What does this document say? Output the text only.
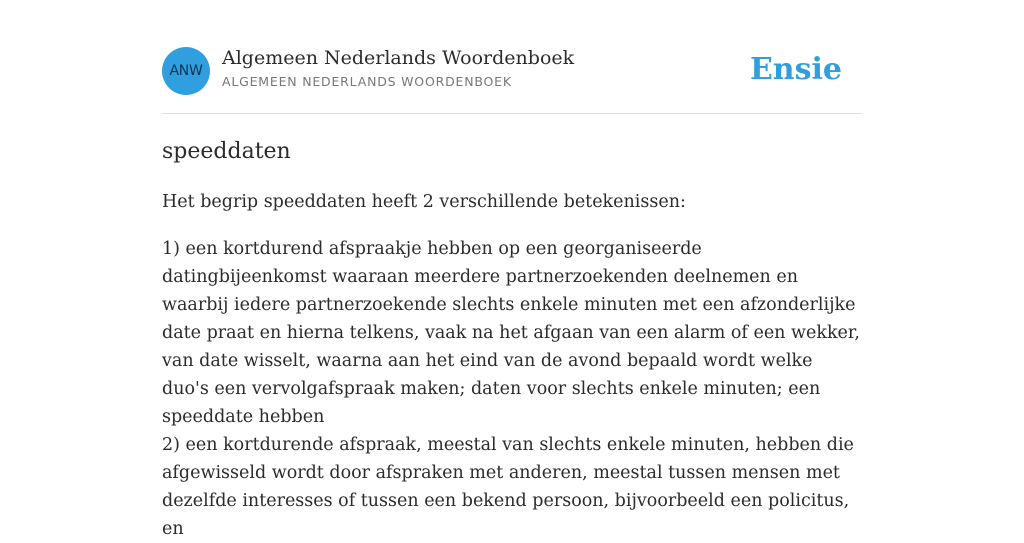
ANW
Algemeen Nederlands Woordenboek
ALGEMEEN NEDERLANDS WOORDENBOEK	Ensie
speeddaten

Het begrip speeddaten heeft 2 verschillende betekenissen:

1) een kortdurend afspraakje hebben op een georganiseerde datingbijeenkomst waaraan meerdere partnerzoekenden deelnemen en waarbij iedere partnerzoekende slechts enkele minuten met een afzonderlijke date praat en hierna telkens, vaak na het afgaan van een alarm of een wekker, van date wisselt, waarna aan het eind van de avond bepaald wordt welke duo's een vervolgafspraak maken; daten voor slechts enkele minuten; een speeddate hebben

2) een kortdurende afspraak, meestal van slechts enkele minuten, hebben die afgewisseld wordt door afspraken met anderen, meestal tussen mensen met dezelfde interesses of tussen een bekend persoon, bijvoorbeeld een policitus, en
